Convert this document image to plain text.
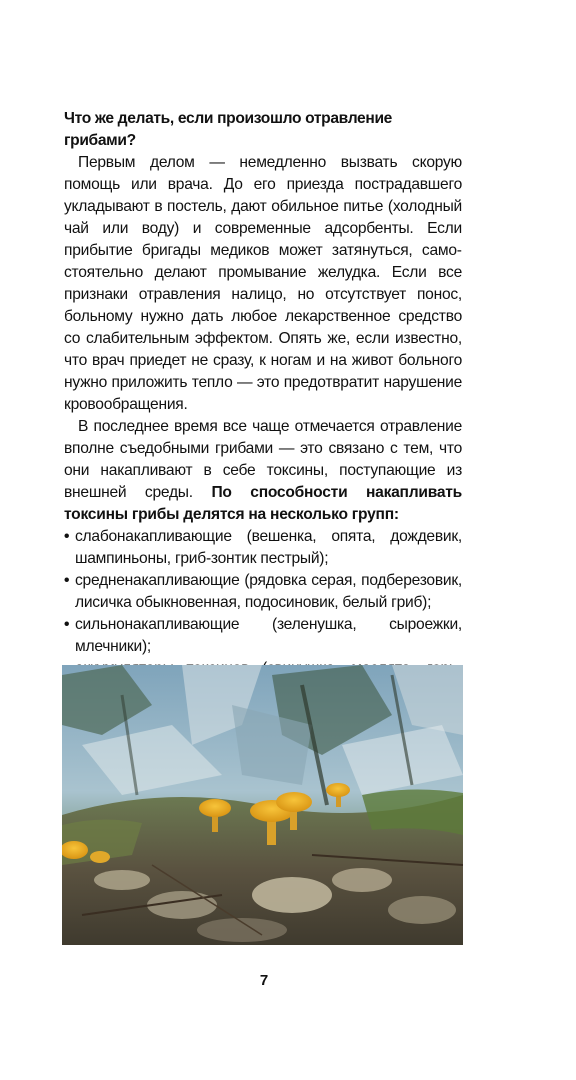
Что же делать, если произошло отравление грибами?

Первым делом — немедленно вызвать скорую помощь или врача. До его приезда пострадавшего укладывают в постель, дают обильное питье (холодный чай или воду) и современные адсорбенты. Если прибытие бригады медиков может затянуться, самостоятельно делают промывание желудка. Если все признаки отравления налицо, но отсутствует понос, больному нужно дать любое лекарственное средство со слабительным эффектом. Опять же, если известно, что врач приедет не сразу, к ногам и на живот больного нужно приложить тепло — это предотвратит нарушение кровообращения.

В последнее время все чаще отмечается отравление вполне съедобными грибами — это связано с тем, что они накапливают в себе токсины, поступающие из внешней среды. По способности накапливать токсины грибы делятся на несколько групп:

• слабонакапливающие (вешенка, опята, дождевик, шампиньоны, гриб-зонтик пестрый);
• средненакапливающие (рядовка серая, подберезовик, лисичка обыкновенная, подосиновик, белый гриб);
• сильнонакапливающие (зеленушка, сыроежки, млечники);
7
